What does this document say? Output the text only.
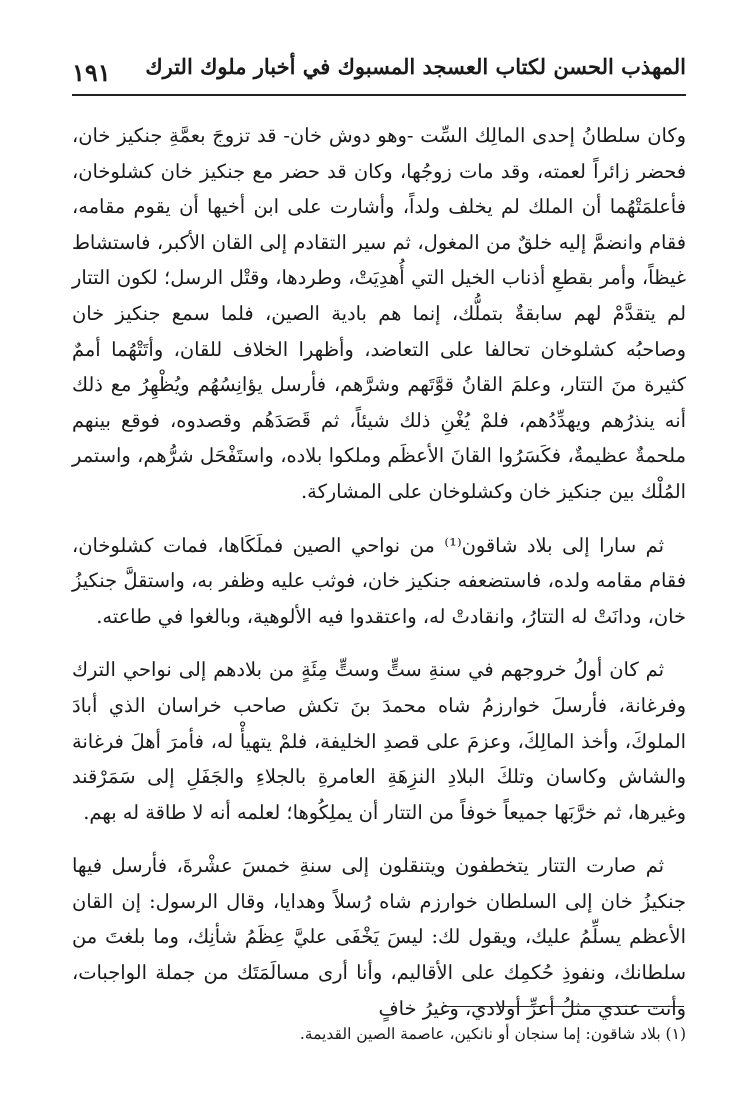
١٩١ المهذب الحسن لكتاب العسجد المسبوك في أخبار ملوك الترك

وكان سلطانُ إحدى المالِك السِّت -وهو دوش خان- قد تزوجَ بعمَّةِ جنكيز خان، فحضر زائراً لعمته، وقد مات زوجُها، وكان قد حضر مع جنكيز خان كشلوخان، فأعلمَتْهُما أن الملك لم يخلف ولداً، وأشارت على ابن أخيها أن يقوم مقامه، فقام وانضمَّ إليه خلقٌ من المغول، ثم سير التقادم إلى القان الأكبر، فاستشاط غيظاً، وأمر بقطعِ أذناب الخيل التي أُهدِيَتْ، وطردها، وقتْل الرسل؛ لكون التتار لم يتقدَّمْ لهم سابقةٌ بتملُّك، إنما هم بادية الصين، فلما سمع جنكيز خان وصاحبُه كشلوخان تحالفا على التعاضد، وأظهرا الخلاف للقان، وأتَتْهُما أممٌ كثيرة منَ التتار، وعلمَ القانُ قوَّتَهم وشرَّهم، فأرسل يؤانِسُهُم ويُظْهِرُ مع ذلك أنه ينذرُهم ويهدِّدُهم، فلمْ يُغْنِ ذلك شيئاً، ثم قَصَدَهُم وقصدوه، فوقع بينهم ملحمةٌ عظيمةٌ، فكَسَرُوا القانَ الأعظَم وملكوا بلاده، واستَفْحَل شرُّهم، واستمر المُلْك بين جنكيز خان وكشلوخان على المشاركة.

ثم سارا إلى بلاد شاقون⁽¹⁾ من نواحي الصين فملَكَاها، فمات كشلوخان، فقام مقامه ولده، فاستضعفه جنكيز خان، فوثب عليه وظفر به، واستقلَّ جنكيزُ خان، ودانَتْ له التتارُ، وانقادتْ له، واعتقدوا فيه الألوهية، وبالغوا في طاعته.

ثم كان أولُ خروجهم في سنةِ ستٍّ وستٍّ مِئَةٍ من بلادهم إلى نواحي الترك وفرغانة، فأرسلَ خوارزمُ شاه محمدَ بنَ تكش صاحب خراسان الذي أبادَ الملوكَ، وأخذ المالِكَ، وعزمَ على قصدِ الخليفة، فلمْ يتهيأْ له، فأمرَ أهلَ فرغانة والشاش وكاسان وتلكَ البلادِ النزِهَةِ العامرةِ بالجلاءِ والجَفَلِ إلى سَمَرْقند وغيرها، ثم خرَّبَها جميعاً خوفاً من التتار أن يملِكُوها؛ لعلمه أنه لا طاقة له بهم.

ثم صارت التتار يتخطفون ويتنقلون إلى سنةِ خمسَ عشْرةَ، فأرسل فيها جنكيزُ خان إلى السلطان خوارزم شاه رُسلاً وهدايا، وقال الرسول: إن القان الأعظم يسلِّمُ عليك، ويقول لك: ليسَ يَخْفَى عليَّ عِظَمُ شأنِك، وما بلغتَ من سلطانك، ونفوذِ حُكمِك على الأقاليم، وأنا أرى مسالَمَتَك من جملة الواجبات، وأنت عندي مثلُ أعزِّ أولادي، وغيرُ خافٍ

(١) بلاد شاقون: إما سنجان أو نانكين، عاصمة الصين القديمة.
